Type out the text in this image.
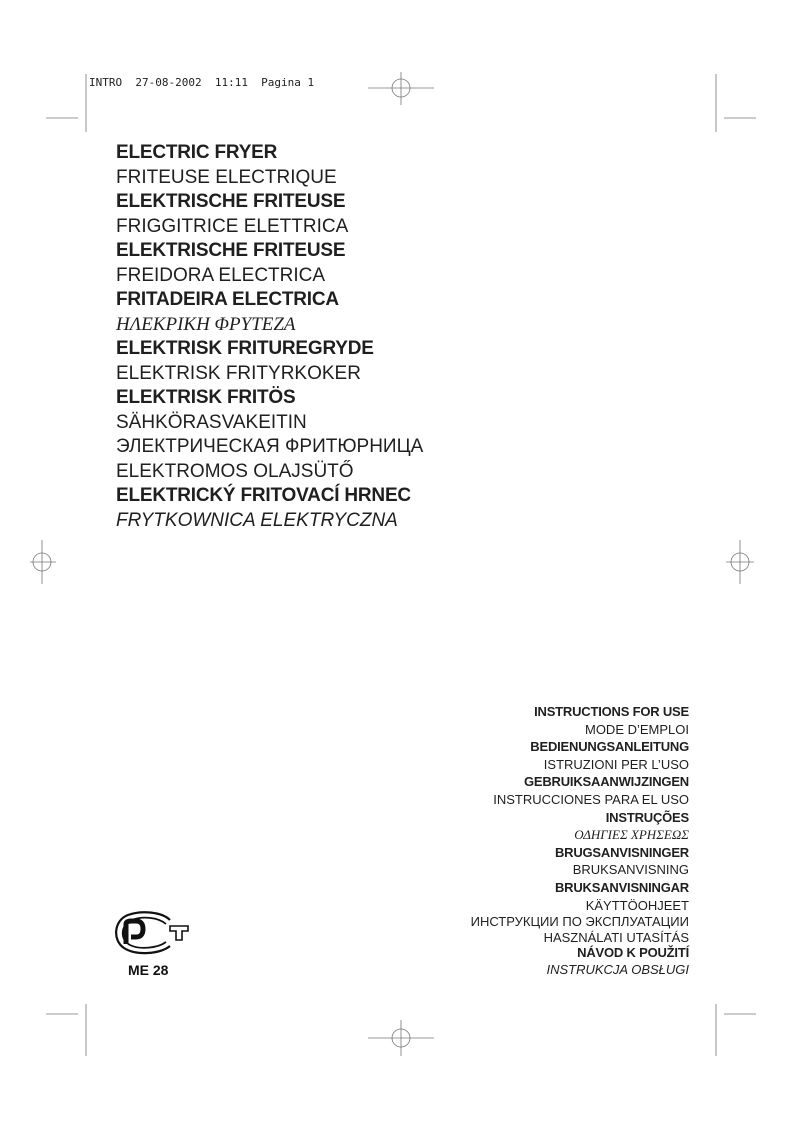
INTRO  27-08-2002  11:11  Pagina 1
ELECTRIC FRYER
FRITEUSE ELECTRIQUE
ELEKTRISCHE FRITEUSE
FRIGGITRICE ELETTRICA
ELEKTRISCHE FRITEUSE
FREIDORA ELECTRICA
FRITADEIRA ELECTRICA
ΗΛΕΚΡΙΚΗ ΦΡΥΤΕΖΑ
ELEKTRISK FRITUREGRYDE
ELEKTRISK FRITYRKOKER
ELEKTRISK FRITÖS
SÄHKÖRASVAKEITIN
ЭЛЕКТРИЧЕСКАЯ ФРИТЮРНИЦА
ELEKTROMOS OLAJSÜTŐ
ELEKTRICKÝ FRITOVACÍ HRNEC
FRYTKOWNICA ELEKTRYCZNA
INSTRUCTIONS FOR USE
MODE D’EMPLOI
BEDIENUNGSANLEITUNG
ISTRUZIONI PER L’USO
GEBRUIKSAANWIJZINGEN
INSTRUCCIONES PARA EL USO
INSTRUÇÕES
ΟΔΗΓΙΕΣ ΧΡΗΣΕΩΣ
BRUGSANVISNINGER
BRUKSANVISNING
BRUKSANVISNINGAR
KÄYTTÖOHJEET
ИНСТРУКЦИИ ПО ЭКСПЛУАТАЦИИ
HASZNÁLATI UTASÍTÁS
NÁVOD K POUŽITÍ
INSTRUKCJA OBSŁUGI
ME 28
